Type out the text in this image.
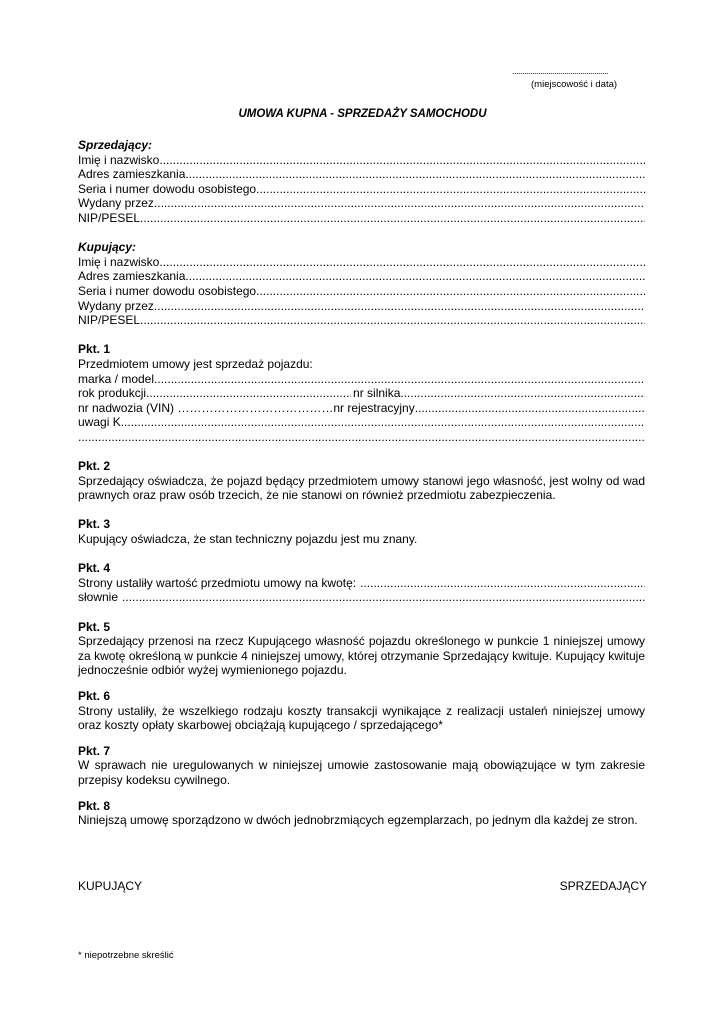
................................................
(miejscowość i data)
UMOWA KUPNA - SPRZEDAŻY SAMOCHODU
Sprzedający:
Imię i nazwisko
.....
Adres zamieszkania
.....
Seria i numer dowodu osobistego
.....
Wydany przez
.....
NIP/PESEL
.....
Kupujący:
Imię i nazwisko
.....
Adres zamieszkania
.....
Seria i numer dowodu osobistego
.....
Wydany przez.
.....
NIP/PESEL
.....
Pkt. 1
Przedmiotem umowy jest sprzedaż pojazdu:
marka / model
.....
rok produkcji .....	nr silnika
.....
nr nadwozia (VIN) ………………………………… nr rejestracyjny
.....
uwagi K
.....
.....
Pkt. 2
Sprzedający oświadcza, że pojazd będący przedmiotem umowy stanowi jego własność, jest wolny od wad prawnych oraz praw osób trzecich, że nie stanowi on również przedmiotu zabezpieczenia.
Pkt. 3
Kupujący oświadcza, że stan techniczny pojazdu jest mu znany.
Pkt. 4
Strony ustaliły wartość przedmiotu umowy na kwotę:
.....
słownie
.....
Pkt. 5
Sprzedający przenosi na rzecz Kupującego własność pojazdu określonego w punkcie 1 niniejszej umowy za kwotę określoną w punkcie 4 niniejszej umowy, której otrzymanie Sprzedający kwituje. Kupujący kwituje jednocześnie odbiór wyżej wymienionego pojazdu.
Pkt. 6
Strony ustaliły, że wszelkiego rodzaju koszty transakcji wynikające z realizacji ustaleń niniejszej umowy oraz koszty opłaty skarbowej obciążają kupującego / sprzedającego*
Pkt. 7
W sprawach nie uregulowanych w niniejszej umowie zastosowanie mają obowiązujące w tym zakresie przepisy kodeksu cywilnego.
Pkt. 8
Niniejszą umowę sporządzono w dwóch jednobrzmiących egzemplarzach, po jednym dla każdej ze stron.
KUPUJĄCY	SPRZEDAJĄCY
* niepotrzebne skreślić
